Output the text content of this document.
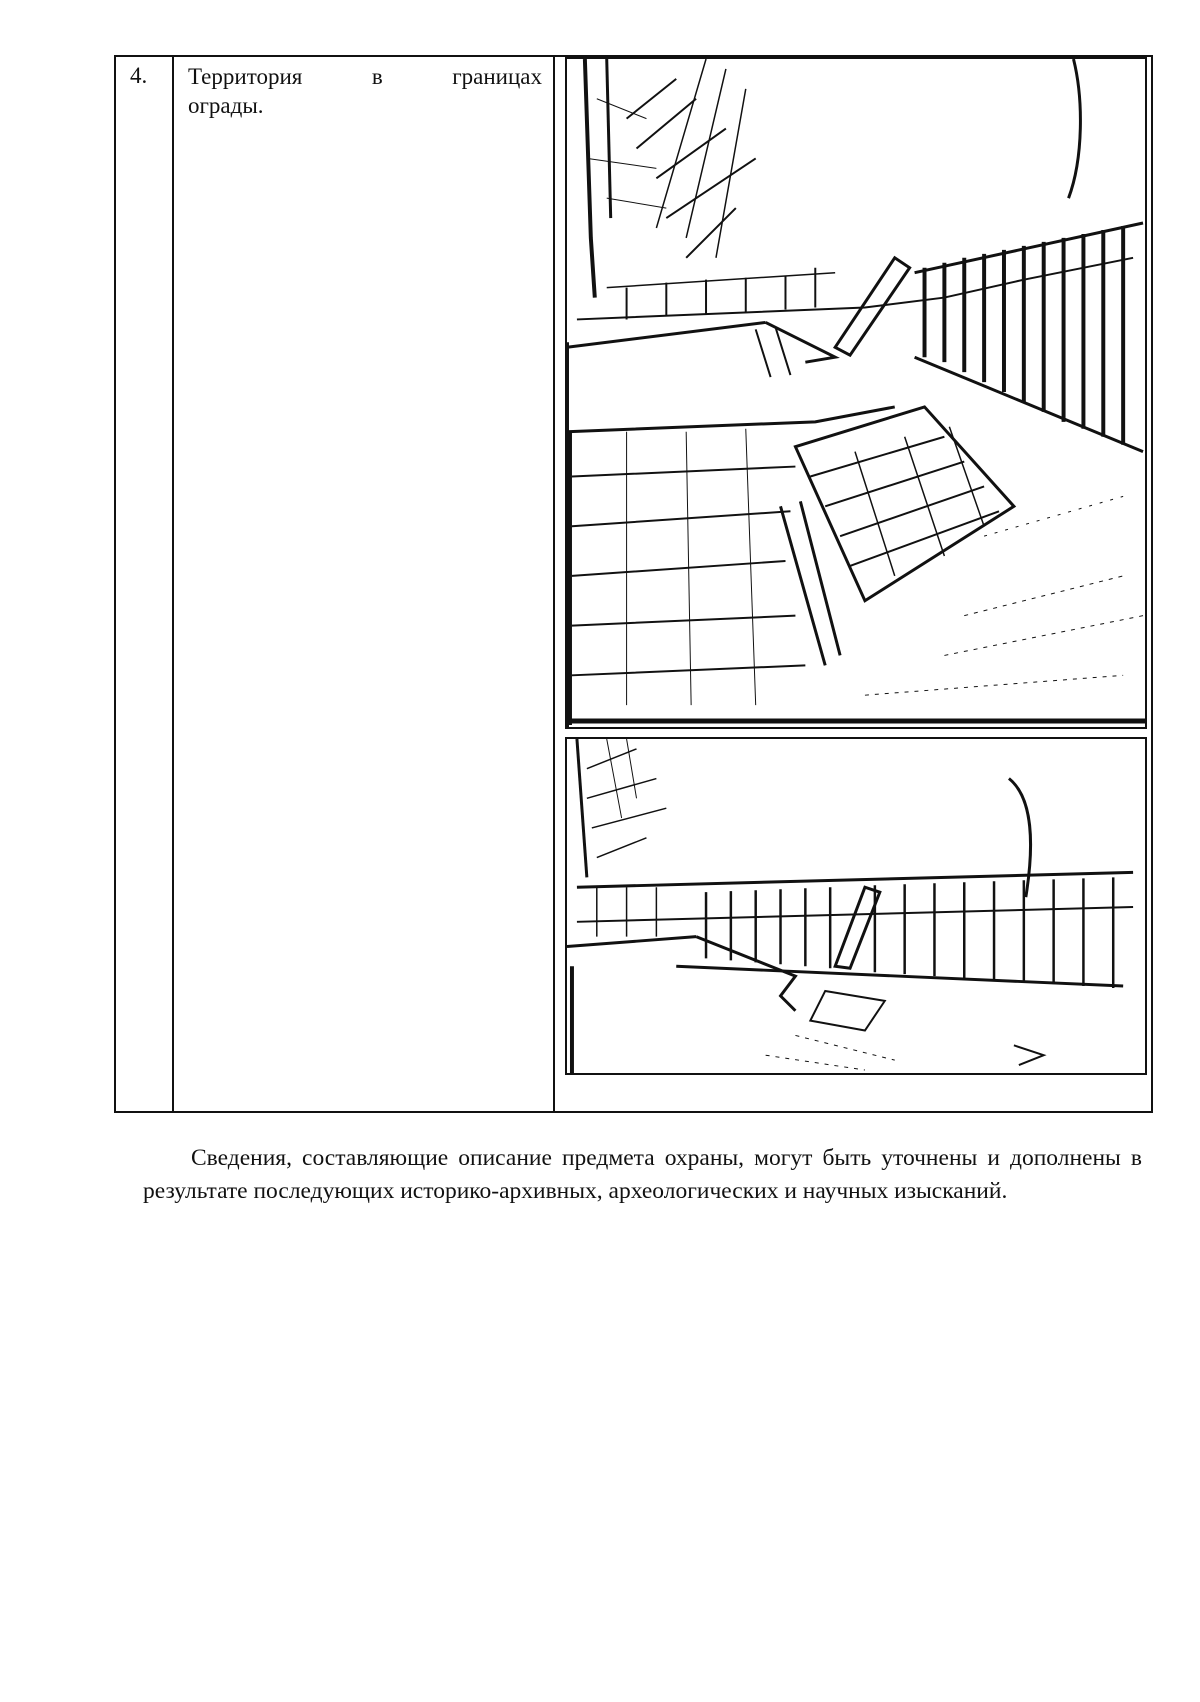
4. Территория	в	границах
ограды.

Сведения, составляющие описание предмета охраны, могут быть уточнены и дополнены в результате последующих историко-архивных, археологических и научных изысканий.
